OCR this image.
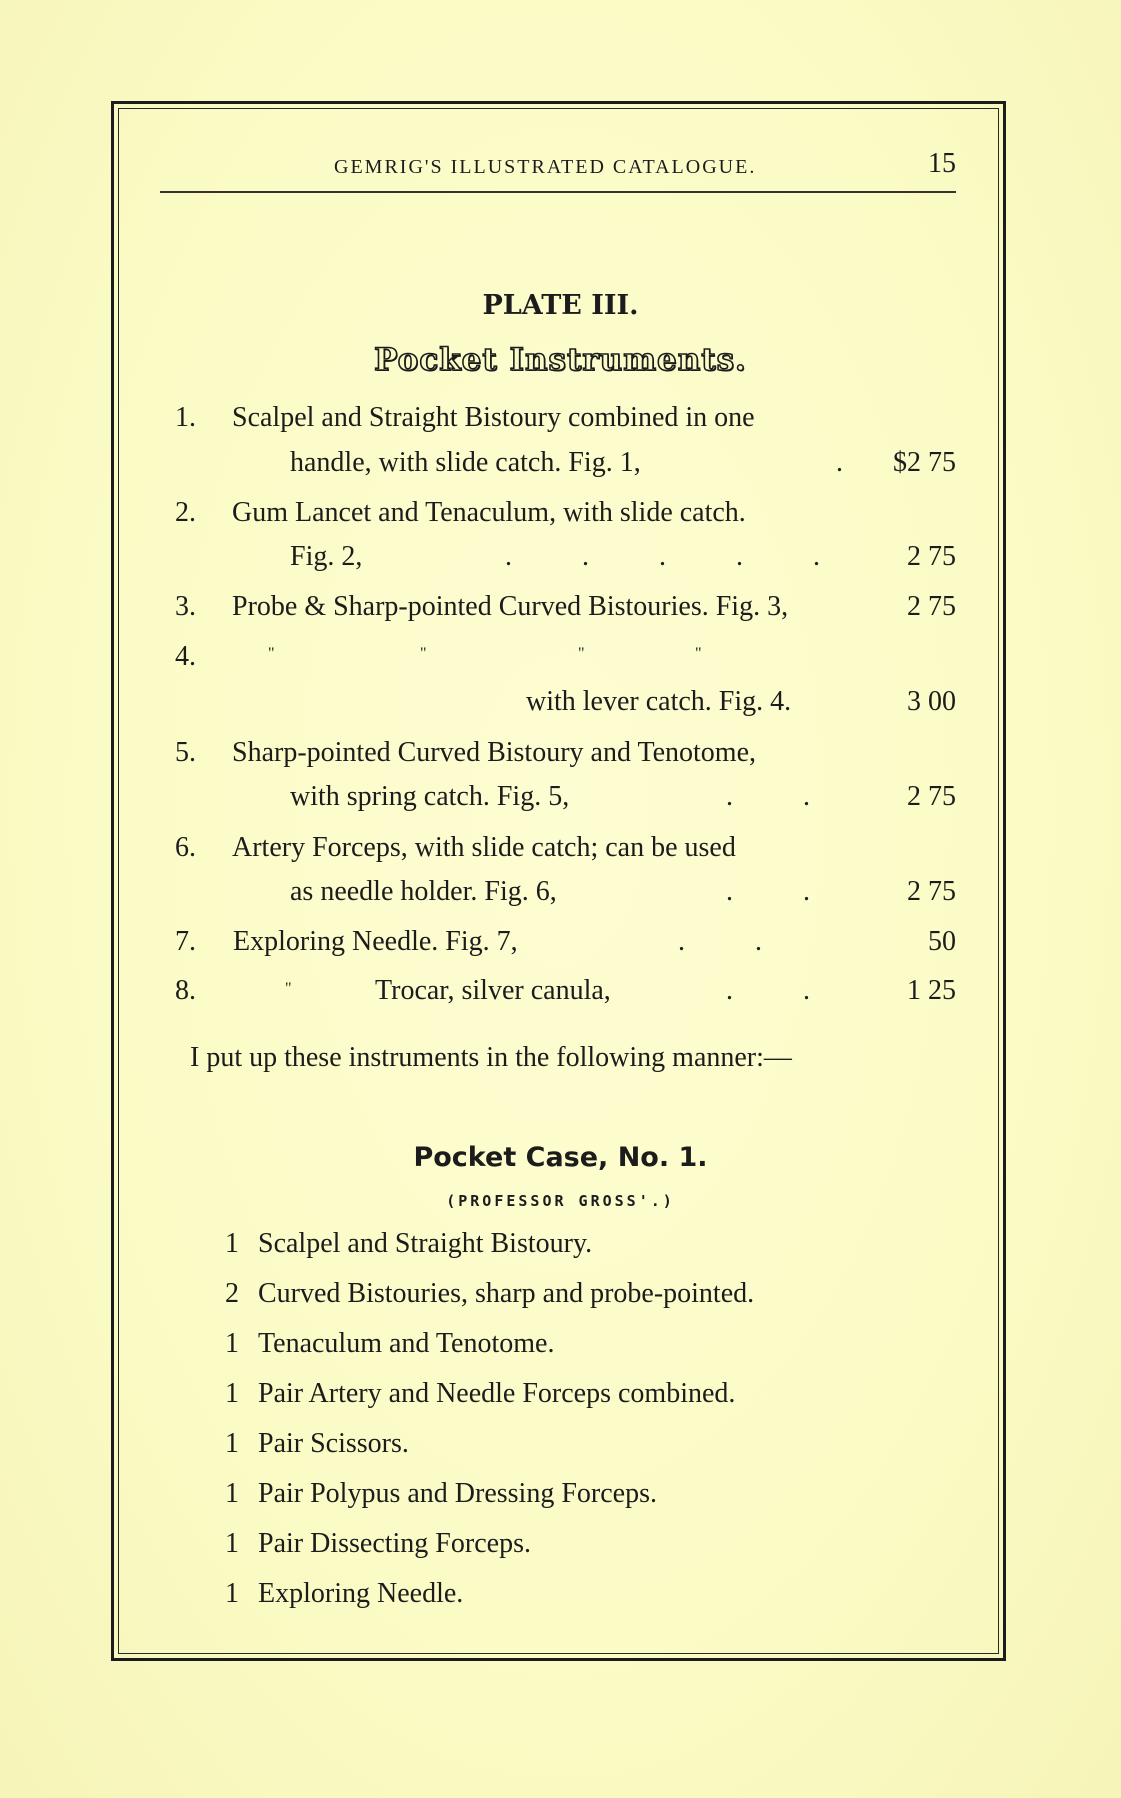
GEMRIG'S ILLUSTRATED CATALOGUE.	15
PLATE III.
Pocket Instruments.
1. Scalpel and Straight Bistoury combined in one
handle, with slide catch. Fig. 1,	.	$2 75
2. Gum Lancet and Tenaculum, with slide catch.
Fig. 2,	.          .          .          .          .	2 75
3. Probe & Sharp-pointed Curved Bistouries. Fig. 3,	2 75
4.	"	"	"	"
with lever catch. Fig. 4.	3 00
5. Sharp-pointed Curved Bistoury and Tenotome,
with spring catch. Fig. 5,	.          .	2 75
6. Artery Forceps, with slide catch; can be used
as needle holder. Fig. 6,	.          .	2 75
7. Exploring Needle. Fig. 7,	.          .	50
8.	"	Trocar, silver canula,	.          .	1 25
I put up these instruments in the following manner:—
Pocket Case, No. 1.
(PROFESSOR GROSS'.)
1 Scalpel and Straight Bistoury.
2 Curved Bistouries, sharp and probe-pointed.
1 Tenaculum and Tenotome.
1 Pair Artery and Needle Forceps combined.
1 Pair Scissors.
1 Pair Polypus and Dressing Forceps.
1 Pair Dissecting Forceps.
1 Exploring Needle.
